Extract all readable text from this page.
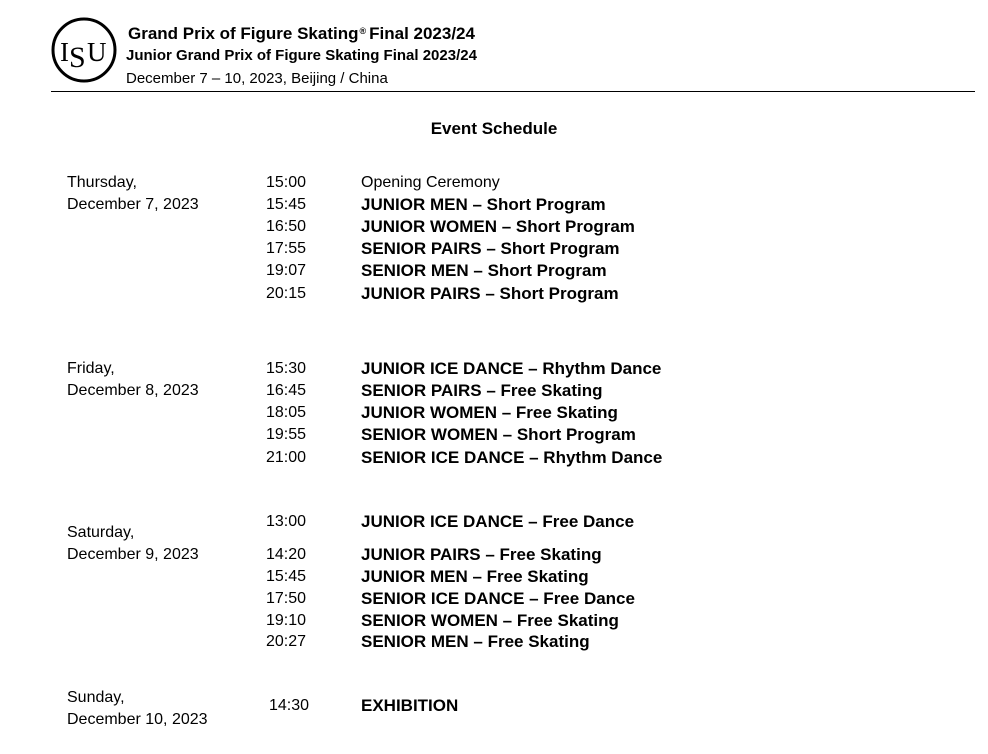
I S U
Grand Prix of Figure Skating® Final 2023/24
Junior Grand Prix of Figure Skating Final 2023/24
December 7 – 10, 2023, Beijing / China
Event Schedule
Thursday,
December 7, 2023
15:00	Opening Ceremony
15:45	JUNIOR MEN – Short Program
16:50	JUNIOR WOMEN – Short Program
17:55	SENIOR PAIRS – Short Program
19:07	SENIOR MEN – Short Program
20:15	JUNIOR PAIRS – Short Program
Friday,
December 8, 2023
15:30	JUNIOR ICE DANCE – Rhythm Dance
16:45	SENIOR PAIRS – Free Skating
18:05	JUNIOR WOMEN – Free Skating
19:55	SENIOR WOMEN – Short Program
21:00	SENIOR ICE DANCE – Rhythm Dance
Saturday,
December 9, 2023
13:00	JUNIOR ICE DANCE – Free Dance
14:20	JUNIOR PAIRS – Free Skating
15:45	JUNIOR MEN – Free Skating
17:50	SENIOR ICE DANCE – Free Dance
19:10	SENIOR WOMEN – Free Skating
20:27	SENIOR MEN – Free Skating
Sunday,
December 10, 2023
14:30	EXHIBITION
